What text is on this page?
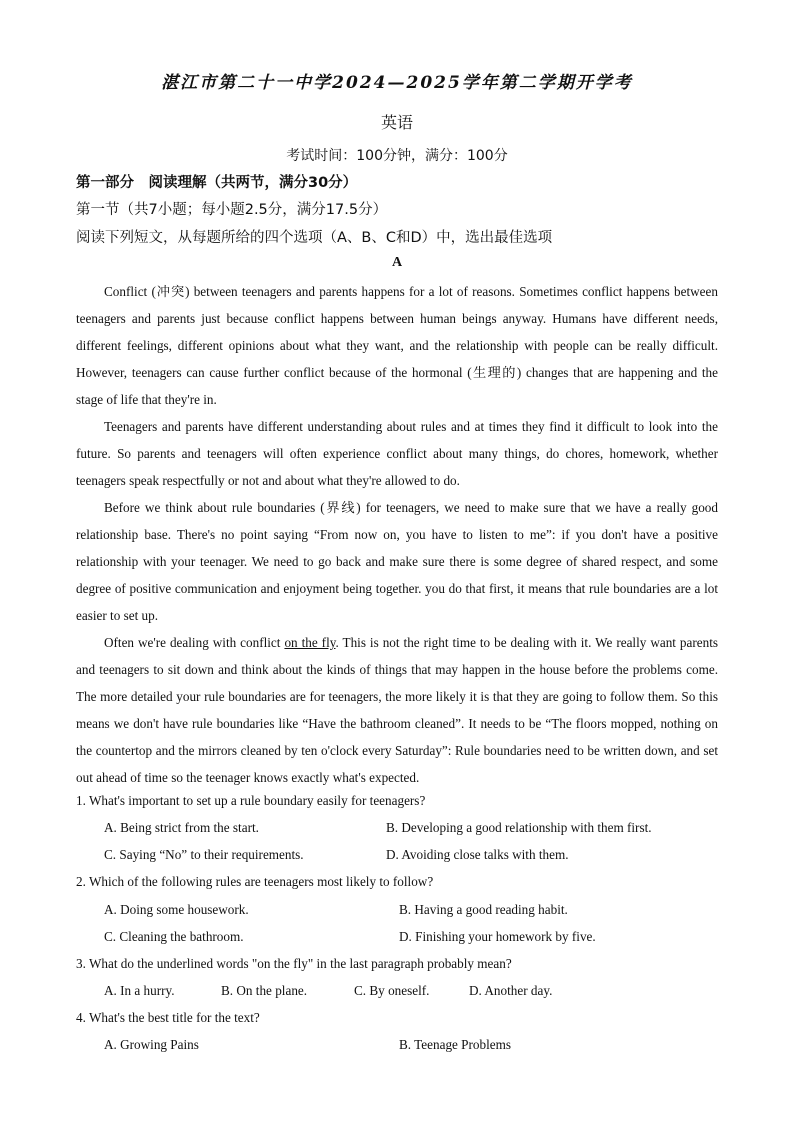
湛江市第二十一中学2024—2025学年第二学期开学考
英语
考试时间：100分钟，满分：100分
第一部分　阅读理解（共两节，满分30分）
第一节（共7小题；每小题2.5分，满分17.5分）
阅读下列短文，从每题所给的四个选项（A、B、C和D）中，选出最佳选项
A

Conflict (冲突) between teenagers and parents happens for a lot of reasons. Sometimes conflict happens between teenagers and parents just because conflict happens between human beings anyway. Humans have different needs, different feelings, different opinions about what they want, and the relationship with people can be really difficult. However, teenagers can cause further conflict because of the hormonal (生理的) changes that are happening and the stage of life that they're in.

Teenagers and parents have different understanding about rules and at times they find it difficult to look into the future. So parents and teenagers will often experience conflict about many things, do chores, homework, whether teenagers speak respectfully or not and about what they're allowed to do.

Before we think about rule boundaries (界线) for teenagers, we need to make sure that we have a really good relationship base. There's no point saying “From now on, you have to listen to me”: if you don't have a positive relationship with your teenager. We need to go back and make sure there is some degree of shared respect, and some degree of positive communication and enjoyment being together. you do that first, it means that rule boundaries are a lot easier to set up.

Often we're dealing with conflict on the fly. This is not the right time to be dealing with it. We really want parents and teenagers to sit down and think about the kinds of things that may happen in the house before the problems come. The more detailed your rule boundaries are for teenagers, the more likely it is that they are going to follow them. So this means we don't have rule boundaries like “Have the bathroom cleaned”. It needs to be “The floors mopped, nothing on the countertop and the mirrors cleaned by ten o'clock every Saturday”: Rule boundaries need to be written down, and set out ahead of time so the teenager knows exactly what's expected.

1. What's important to set up a rule boundary easily for teenagers?
A. Being strict from the start.	B. Developing a good relationship with them first.
C. Saying “No” to their requirements.	D. Avoiding close talks with them.
2. Which of the following rules are teenagers most likely to follow?
A. Doing some housework.	B. Having a good reading habit.
C. Cleaning the bathroom.	D. Finishing your homework by five.
3. What do the underlined words "on the fly" in the last paragraph probably mean?
A. In a hurry.	B. On the plane.	C. By oneself.	D. Another day.
4. What's the best title for the text?
A. Growing Pains	B. Teenage Problems
